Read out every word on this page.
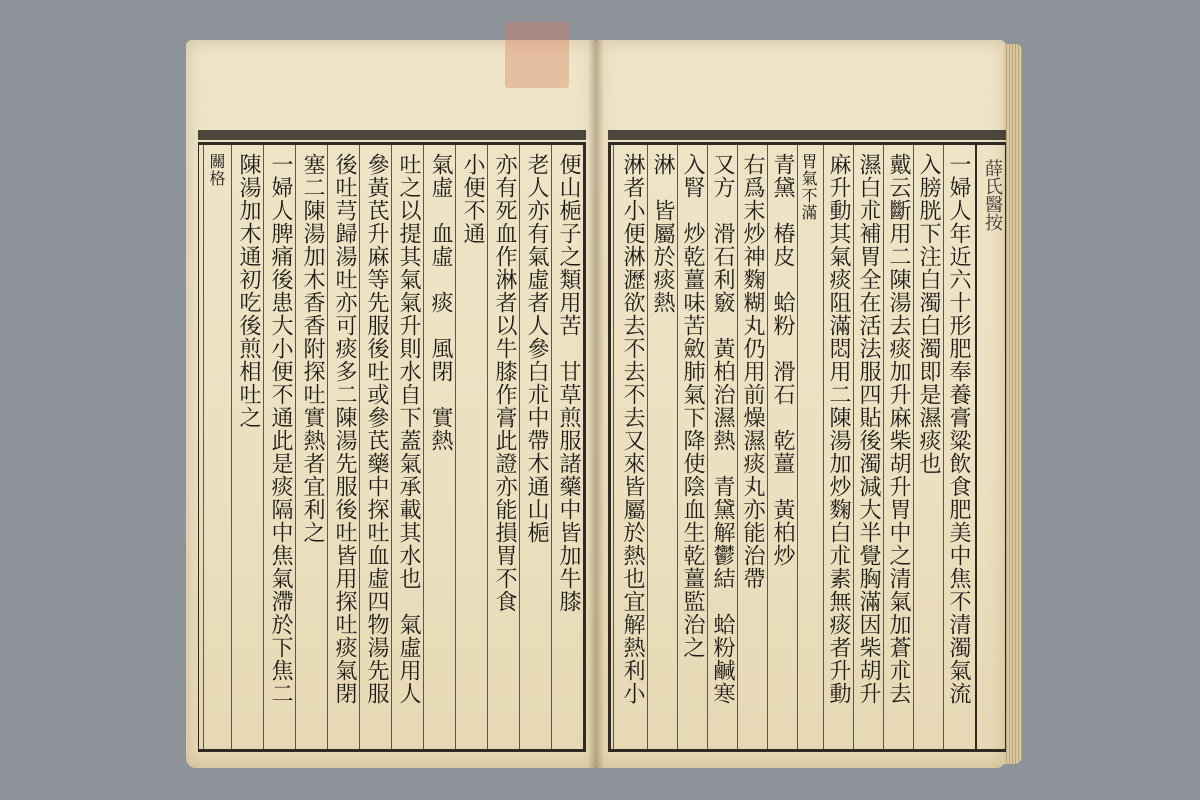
便山梔子之類用苦　甘草煎服諸藥中皆加牛膝
老人亦有氣虛者人參白朮中帶木通山梔
亦有死血作淋者以牛膝作膏此證亦能損胃不食
小便不通
氣虛　血虛　痰　風閉　實熱
吐之以提其氣氣升則水自下蓋氣承載其水也　氣虛用人
參黃芪升麻等先服後吐或參芪藥中探吐血虛四物湯先服
後吐芎歸湯吐亦可痰多二陳湯先服後吐皆用探吐痰氣閉
塞二陳湯加木香香附探吐實熱者宜利之
一婦人脾痛後患大小便不通此是痰隔中焦氣滯於下焦二
陳湯加木通初吃後煎相吐之
關格	薛氏醫按
一婦人年近六十形肥奉養膏粱飲食肥美中焦不清濁氣流
入膀胱下注白濁白濁即是濕痰也
戴云斷用二陳湯去痰加升麻柴胡升胃中之清氣加蒼朮去
濕白朮補胃全在活法服四貼後濁減大半覺胸滿因柴胡升
麻升動其氣痰阻滿悶用二陳湯加炒麴白朮素無痰者升動
胃氣不滿
青黛　椿皮　蛤粉　滑石　乾薑　黃柏炒
右爲末炒神麴糊丸仍用前燥濕痰丸亦能治帶
又方　滑石利竅　黃柏治濕熱　青黛解鬱結　蛤粉鹹寒
入腎　炒乾薑味苦斂肺氣下降使陰血生乾薑監治之
淋　皆屬於痰熱
淋者小便淋瀝欲去不去不去又來皆屬於熱也宜解熱利小
